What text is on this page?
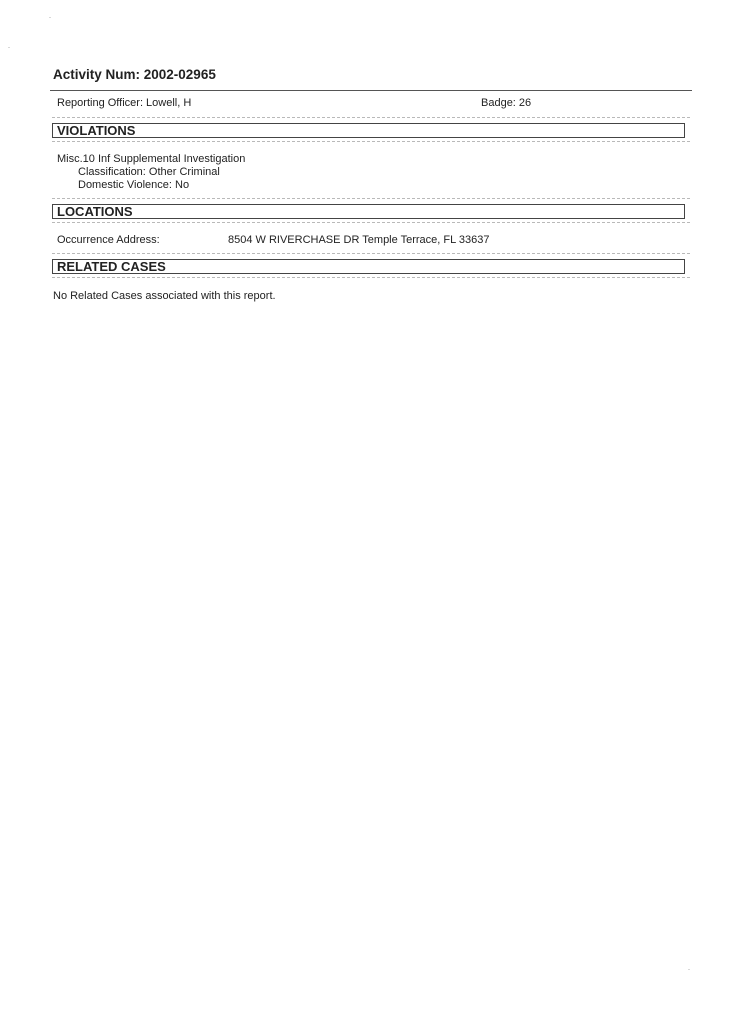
Activity Num: 2002-02965
Reporting Officer: Lowell, H	Badge: 26
VIOLATIONS
Misc.10 Inf Supplemental Investigation
Classification: Other Criminal
Domestic Violence: No
LOCATIONS
Occurrence Address:	8504 W RIVERCHASE DR Temple Terrace, FL 33637
RELATED CASES
No Related Cases associated with this report.
